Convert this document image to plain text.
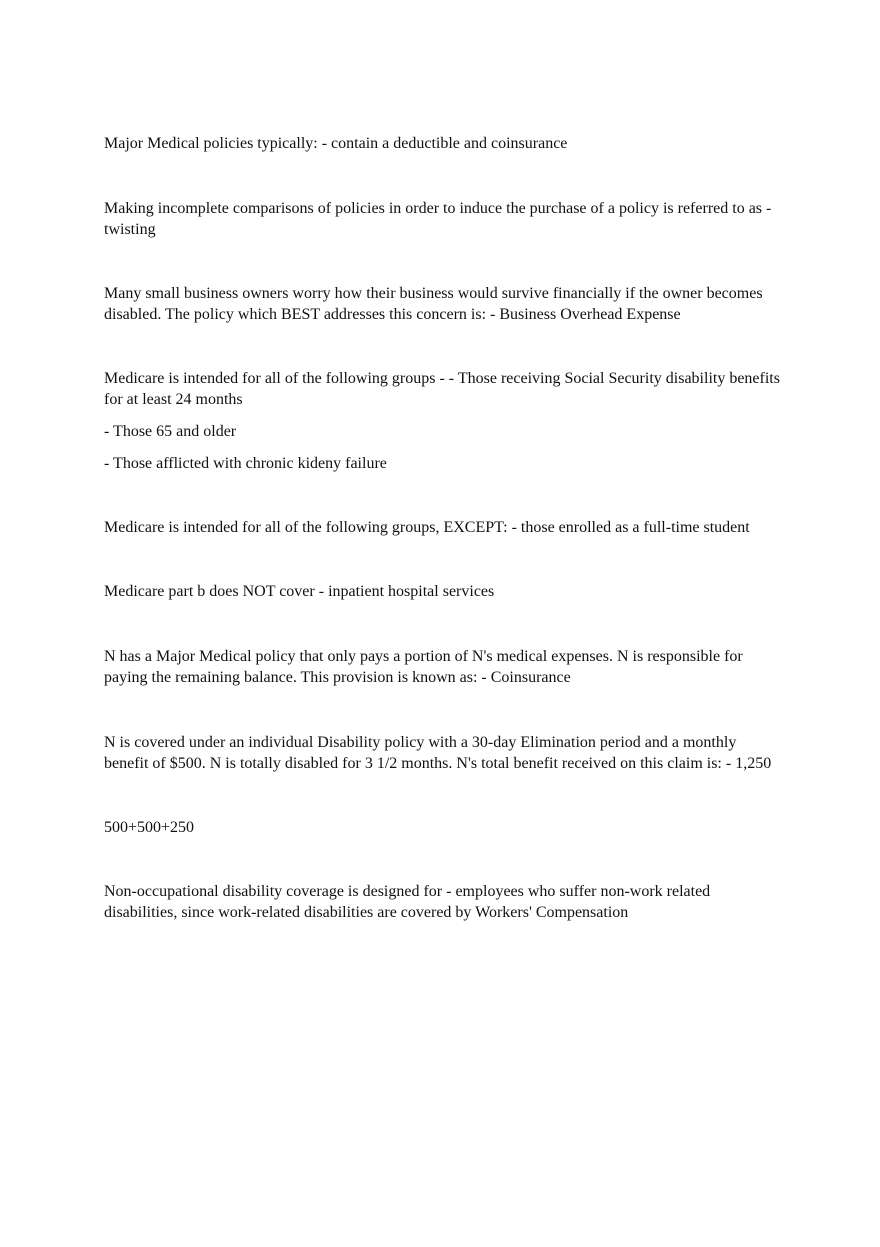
Major Medical policies typically: - contain a deductible and coinsurance

Making incomplete comparisons of policies in order to induce the purchase of a policy is referred to as - twisting

Many small business owners worry how their business would survive financially if the owner becomes disabled. The policy which BEST addresses this concern is: - Business Overhead Expense

Medicare is intended for all of the following groups - - Those receiving Social Security disability benefits for at least 24 months

- Those 65 and older

- Those afflicted with chronic kideny failure

Medicare is intended for all of the following groups, EXCEPT: - those enrolled as a full-time student

Medicare part b does NOT cover - inpatient hospital services

N has a Major Medical policy that only pays a portion of N's medical expenses. N is responsible for paying the remaining balance. This provision is known as: - Coinsurance

N is covered under an individual Disability policy with a 30-day Elimination period and a monthly benefit of $500. N is totally disabled for 3 1/2 months. N's total benefit received on this claim is: - 1,250

500+500+250

Non-occupational disability coverage is designed for - employees who suffer non-work related disabilities, since work-related disabilities are covered by Workers' Compensation
